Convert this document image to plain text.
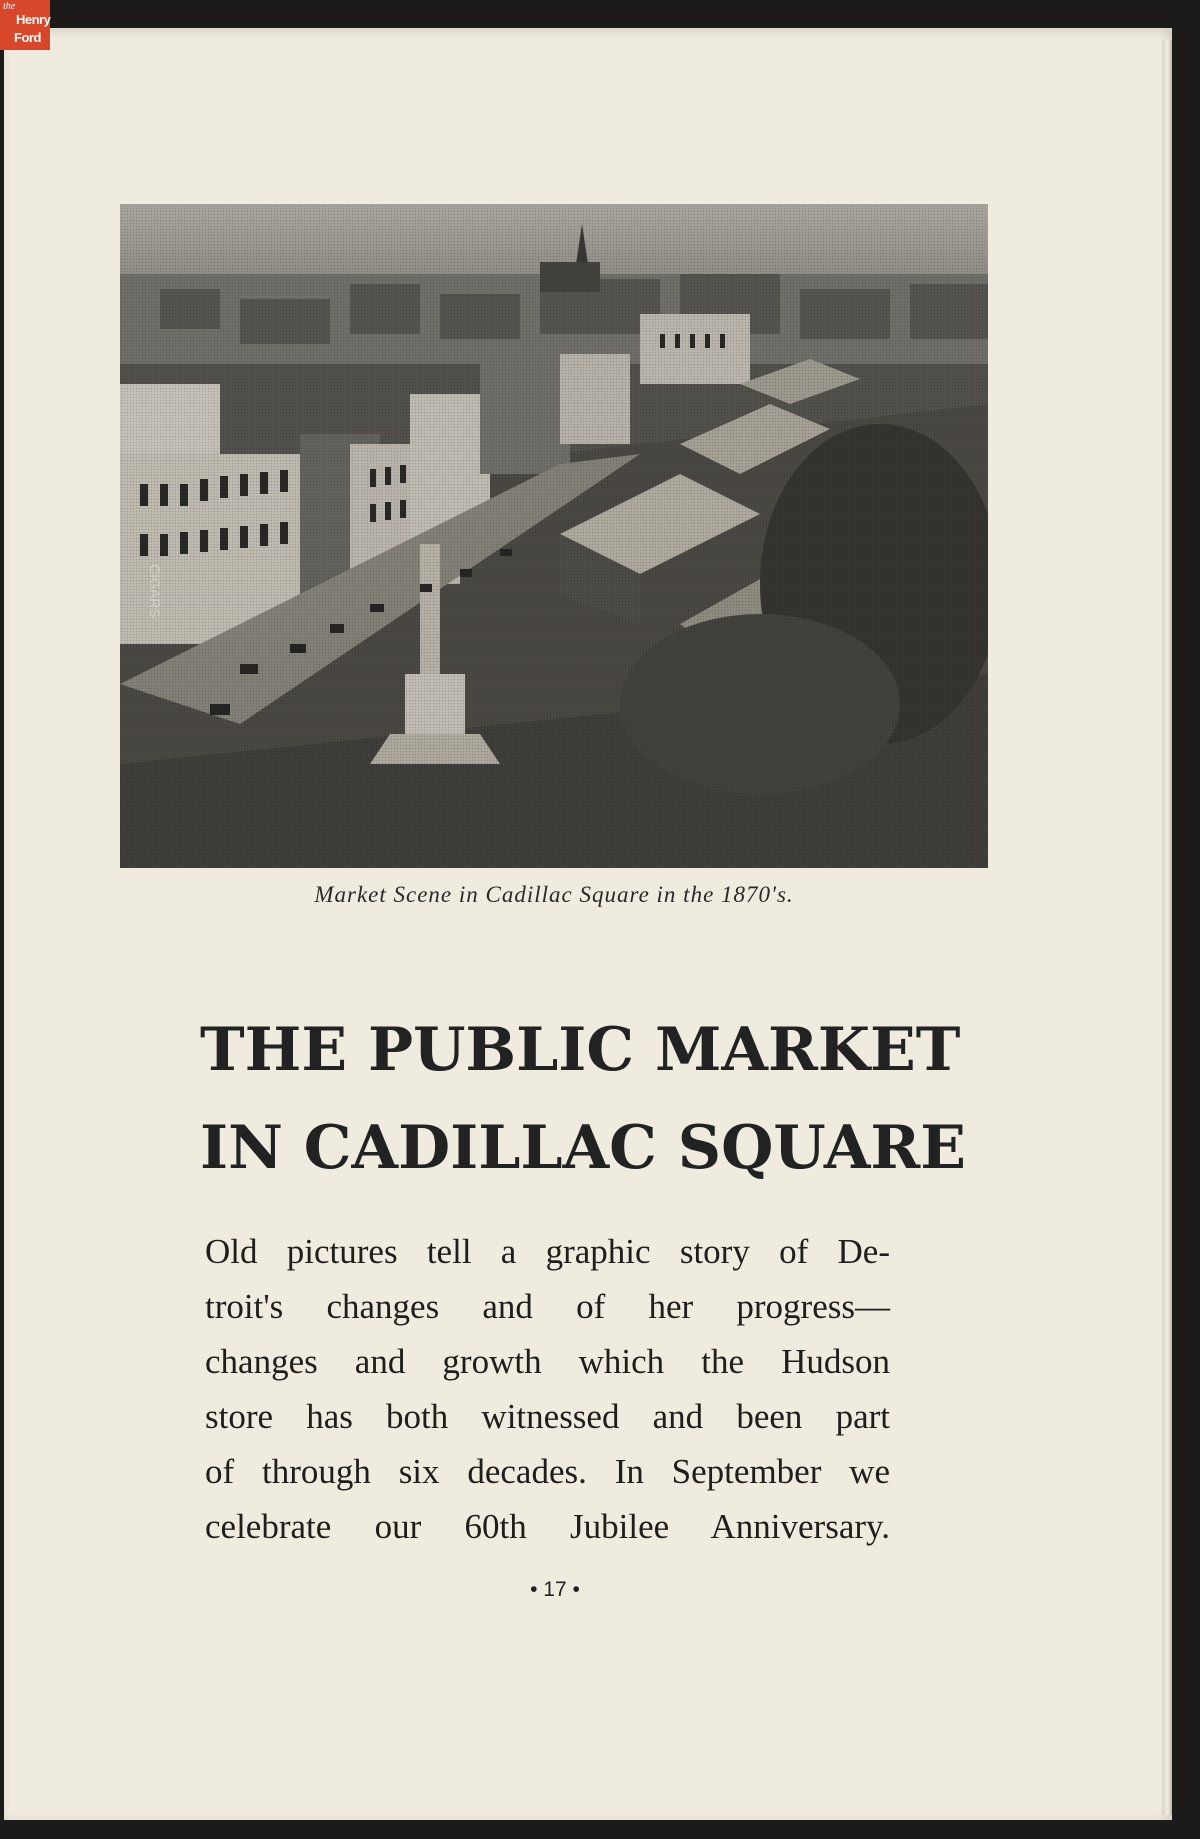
the
Henry
Ford
Market Scene in Cadillac Square in the 1870's.
THE PUBLIC MARKET
IN CADILLAC SQUARE
Old pictures tell a graphic story of De-
troit's changes and of her progress—
changes and growth which the Hudson
store has both witnessed and been part
of through six decades. In September we
celebrate our 60th Jubilee Anniversary.
• 17 •
